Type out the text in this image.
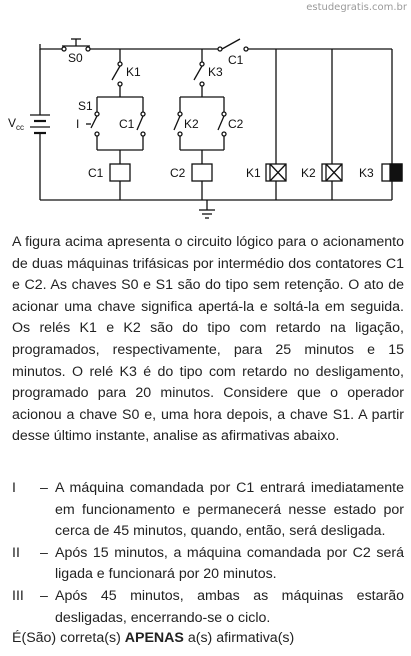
estudegratis.com.br
S0
K1	K3
C1
S1
I	C1	K2 C2
V cc
C1	C2	K1	K2	K3

A figura acima apresenta o circuito lógico para o acionamento de duas máquinas trifásicas por intermédio dos contatores C1 e C2. As chaves S0 e S1 são do tipo sem retenção. O ato de acionar uma chave significa apertá-la e soltá-la em seguida. Os relés K1 e K2 são do tipo com retardo na ligação, programados, respectivamente, para 25 minutos e 15 minutos. O relé K3 é do tipo com retardo no desligamento, programado para 20 minutos. Considere que o operador acionou a chave S0 e, uma hora depois, a chave S1. A partir desse último instante, analise as afirmativas abaixo.

I – A máquina comandada por C1 entrará imediatamente em funcionamento e permanecerá nesse estado por cerca de 45 minutos, quando, então, será desligada.
II – Após 15 minutos, a máquina comandada por C2 será ligada e funcionará por 20 minutos.
III – Após 45 minutos, ambas as máquinas estarão desligadas, encerrando-se o ciclo.

É(São) correta(s) APENAS a(s) afirmativa(s)
